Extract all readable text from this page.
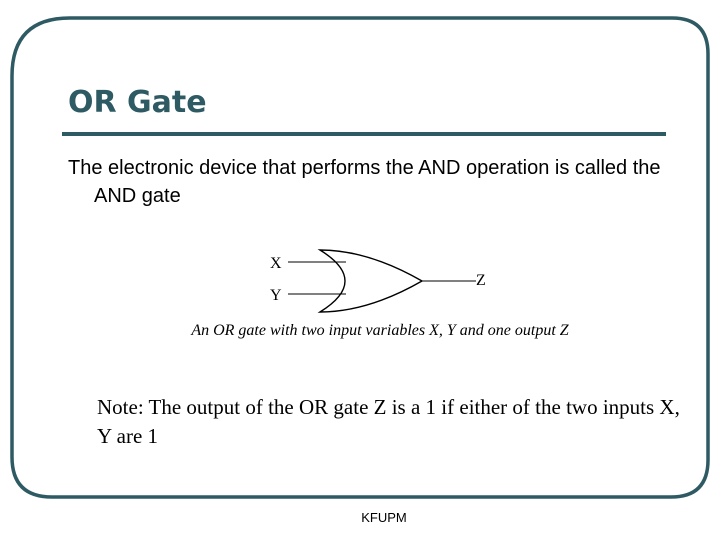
OR Gate
The electronic device that performs the AND operation is called the AND gate
X
Y
Z
An OR gate with two input variables X, Y and one output Z
Note: The output of the OR gate Z is a 1 if either of the two inputs X, Y are 1
KFUPM
